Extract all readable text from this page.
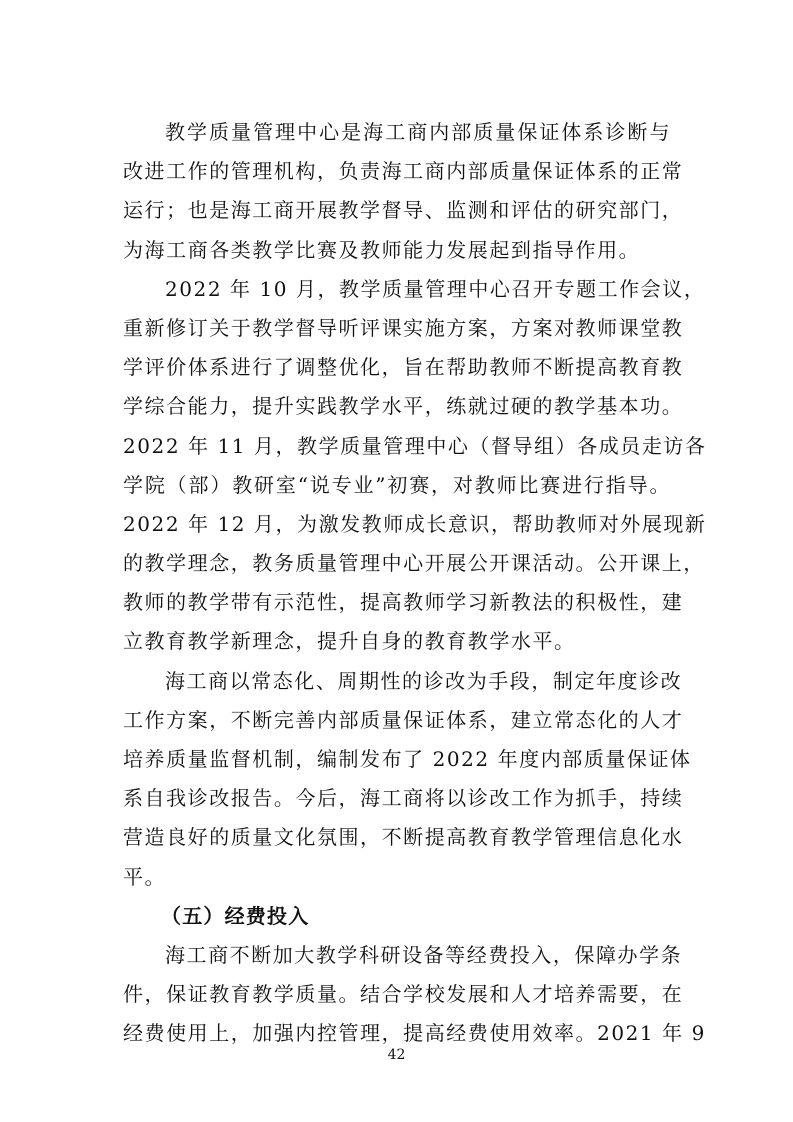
教学质量管理中心是海工商内部质量保证体系诊断与
改进工作的管理机构，负责海工商内部质量保证体系的正常
运行；也是海工商开展教学督导、监测和评估的研究部门，
为海工商各类教学比赛及教师能力发展起到指导作用。

2022 年 10 月，教学质量管理中心召开专题工作会议，
重新修订关于教学督导听评课实施方案，方案对教师课堂教
学评价体系进行了调整优化，旨在帮助教师不断提高教育教
学综合能力，提升实践教学水平，练就过硬的教学基本功。
2022 年 11 月，教学质量管理中心（督导组）各成员走访各
学院（部）教研室“说专业”初赛，对教师比赛进行指导。
2022 年 12 月，为激发教师成长意识，帮助教师对外展现新
的教学理念，教务质量管理中心开展公开课活动。公开课上，
教师的教学带有示范性，提高教师学习新教法的积极性，建
立教育教学新理念，提升自身的教育教学水平。

海工商以常态化、周期性的诊改为手段，制定年度诊改
工作方案，不断完善内部质量保证体系，建立常态化的人才
培养质量监督机制，编制发布了 2022 年度内部质量保证体
系自我诊改报告。今后，海工商将以诊改工作为抓手，持续
营造良好的质量文化氛围，不断提高教育教学管理信息化水
平。

（五）经费投入

海工商不断加大教学科研设备等经费投入，保障办学条
件，保证教育教学质量。结合学校发展和人才培养需要，在
经费使用上，加强内控管理，提高经费使用效率。2021 年 9

42
